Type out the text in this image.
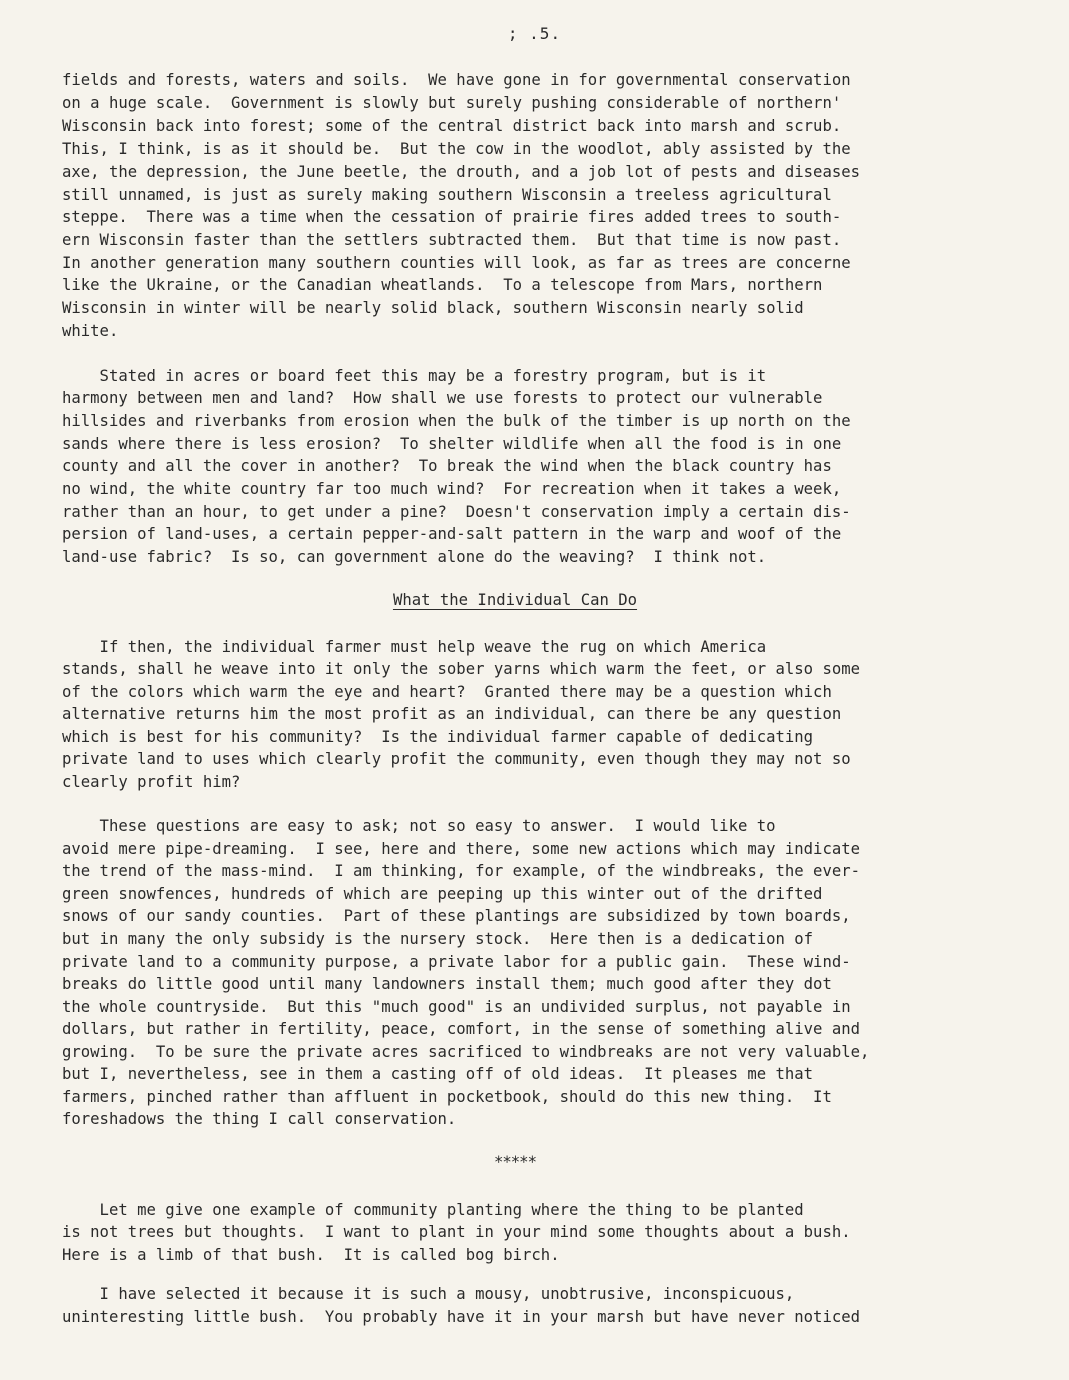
; .5.
fields and forests, waters and soils.  We have gone in for governmental conservation
on a huge scale.  Government is slowly but surely pushing considerable of northern'
Wisconsin back into forest; some of the central district back into marsh and scrub.
This, I think, is as it should be.  But the cow in the woodlot, ably assisted by the
axe, the depression, the June beetle, the drouth, and a job lot of pests and diseases
still unnamed, is just as surely making southern Wisconsin a treeless agricultural
steppe.  There was a time when the cessation of prairie fires added trees to south-
ern Wisconsin faster than the settlers subtracted them.  But that time is now past.
In another generation many southern counties will look, as far as trees are concerne
like the Ukraine, or the Canadian wheatlands.  To a telescope from Mars, northern
Wisconsin in winter will be nearly solid black, southern Wisconsin nearly solid
white.
Stated in acres or board feet this may be a forestry program, but is it
harmony between men and land?  How shall we use forests to protect our vulnerable
hillsides and riverbanks from erosion when the bulk of the timber is up north on the
sands where there is less erosion?  To shelter wildlife when all the food is in one
county and all the cover in another?  To break the wind when the black country has
no wind, the white country far too much wind?  For recreation when it takes a week,
rather than an hour, to get under a pine?  Doesn't conservation imply a certain dis-
persion of land-uses, a certain pepper-and-salt pattern in the warp and woof of the
land-use fabric?  Is so, can government alone do the weaving?  I think not.
What the Individual Can Do
If then, the individual farmer must help weave the rug on which America
stands, shall he weave into it only the sober yarns which warm the feet, or also some
of the colors which warm the eye and heart?  Granted there may be a question which
alternative returns him the most profit as an individual, can there be any question
which is best for his community?  Is the individual farmer capable of dedicating
private land to uses which clearly profit the community, even though they may not so
clearly profit him?
These questions are easy to ask; not so easy to answer.  I would like to
avoid mere pipe-dreaming.  I see, here and there, some new actions which may indicate
the trend of the mass-mind.  I am thinking, for example, of the windbreaks, the ever-
green snowfences, hundreds of which are peeping up this winter out of the drifted
snows of our sandy counties.  Part of these plantings are subsidized by town boards,
but in many the only subsidy is the nursery stock.  Here then is a dedication of
private land to a community purpose, a private labor for a public gain.  These wind-
breaks do little good until many landowners install them; much good after they dot
the whole countryside.  But this "much good" is an undivided surplus, not payable in
dollars, but rather in fertility, peace, comfort, in the sense of something alive and
growing.  To be sure the private acres sacrificed to windbreaks are not very valuable,
but I, nevertheless, see in them a casting off of old ideas.  It pleases me that
farmers, pinched rather than affluent in pocketbook, should do this new thing.  It
foreshadows the thing I call conservation.
*****
Let me give one example of community planting where the thing to be planted
is not trees but thoughts.  I want to plant in your mind some thoughts about a bush.
Here is a limb of that bush.  It is called bog birch.
I have selected it because it is such a mousy, unobtrusive, inconspicuous,
uninteresting little bush.  You probably have it in your marsh but have never noticed
